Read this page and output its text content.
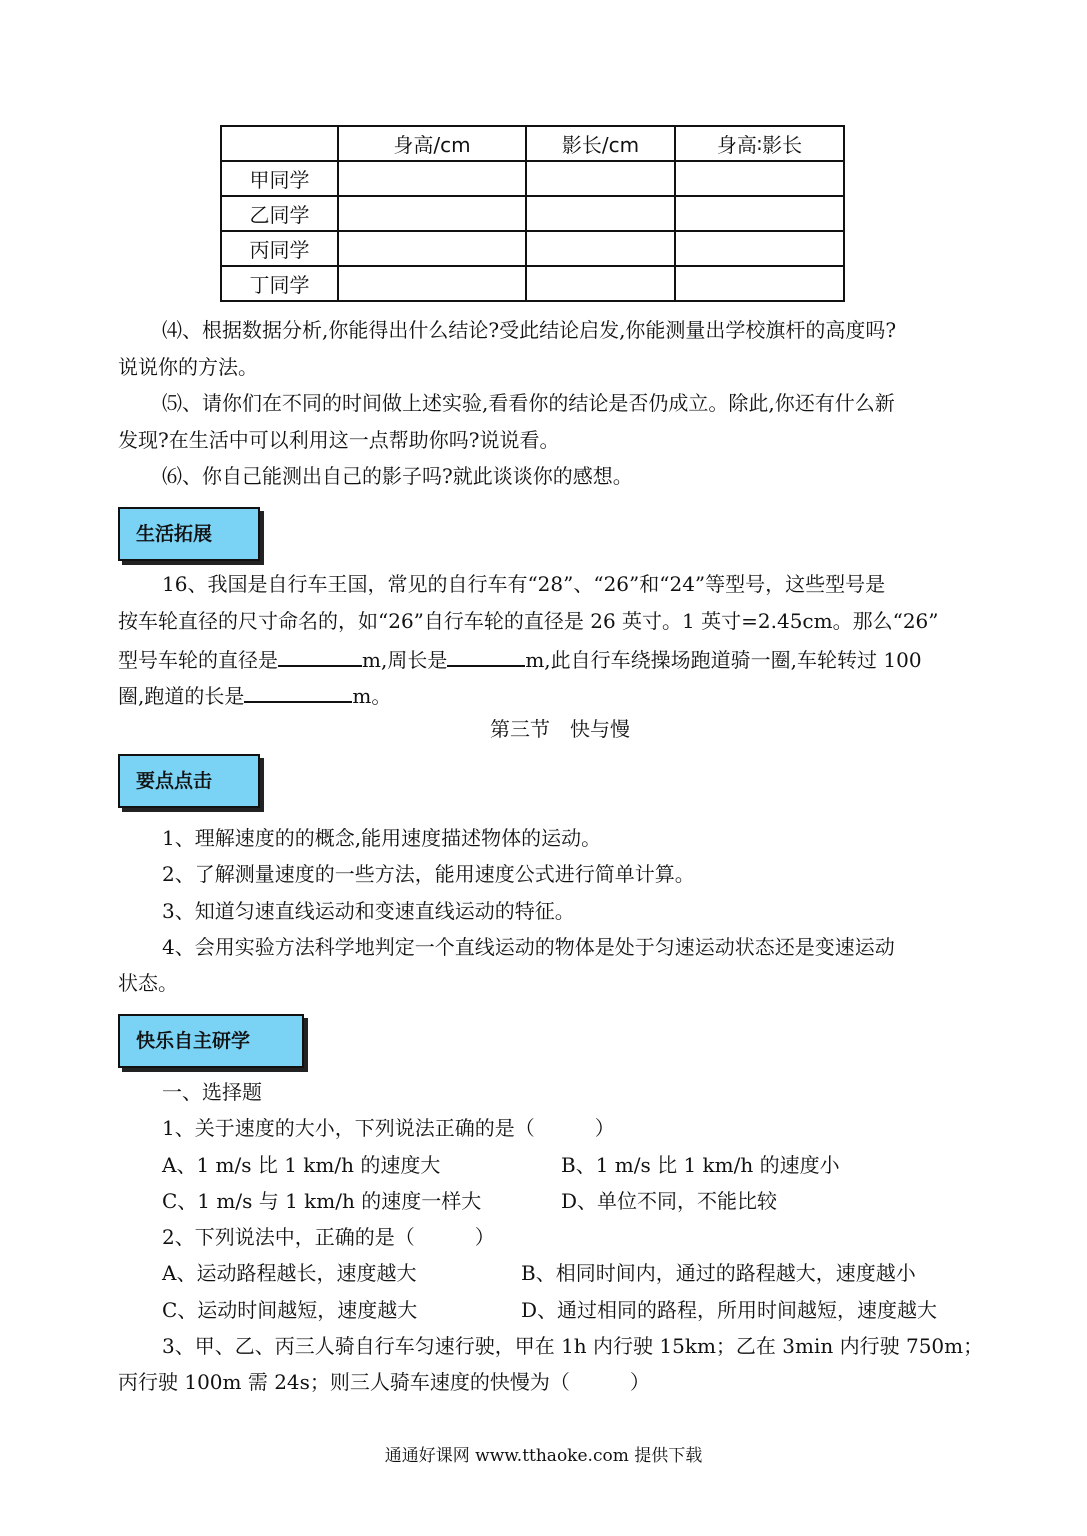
	身高/cm	影长/cm	身高∶影长
甲同学			
乙同学			
丙同学			
丁同学			
⑷、根据数据分析,你能得出什么结论?受此结论启发,你能测量出学校旗杆的高度吗?
说说你的方法。
⑸、请你们在不同的时间做上述实验,看看你的结论是否仍成立。除此,你还有什么新
发现?在生活中可以利用这一点帮助你吗?说说看。
⑹、你自己能测出自己的影子吗?就此谈谈你的感想。
生活拓展
16、我国是自行车王国，常见的自行车有“28”、“26”和“24”等型号，这些型号是
按车轮直径的尺寸命名的，如“26”自行车轮的直径是 26 英寸。1 英寸=2.45cm。那么“26”
型号车轮的直径是	m,周长是	m,此自行车绕操场跑道骑一圈,车轮转过 100
圈,跑道的长是	m。
第三节　快与慢
要点点击
1、理解速度的的概念,能用速度描述物体的运动。
2、了解测量速度的一些方法，能用速度公式进行简单计算。
3、知道匀速直线运动和变速直线运动的特征。
4、会用实验方法科学地判定一个直线运动的物体是处于匀速运动状态还是变速运动
状态。
快乐自主研学
一、选择题
1、关于速度的大小，下列说法正确的是（　　　）
A、1 m/s 比 1 km/h 的速度大	B、1 m/s 比 1 km/h 的速度小
C、1 m/s 与 1 km/h 的速度一样大	D、单位不同，不能比较
2、下列说法中，正确的是（　　　）
A、运动路程越长，速度越大	B、相同时间内，通过的路程越大，速度越小
C、运动时间越短，速度越大	D、通过相同的路程，所用时间越短，速度越大
3、甲、乙、丙三人骑自行车匀速行驶，甲在 1h 内行驶 15km；乙在 3min 内行驶 750m；
丙行驶 100m 需 24s；则三人骑车速度的快慢为（　　　）
通通好课网 www.tthaoke.com 提供下载
